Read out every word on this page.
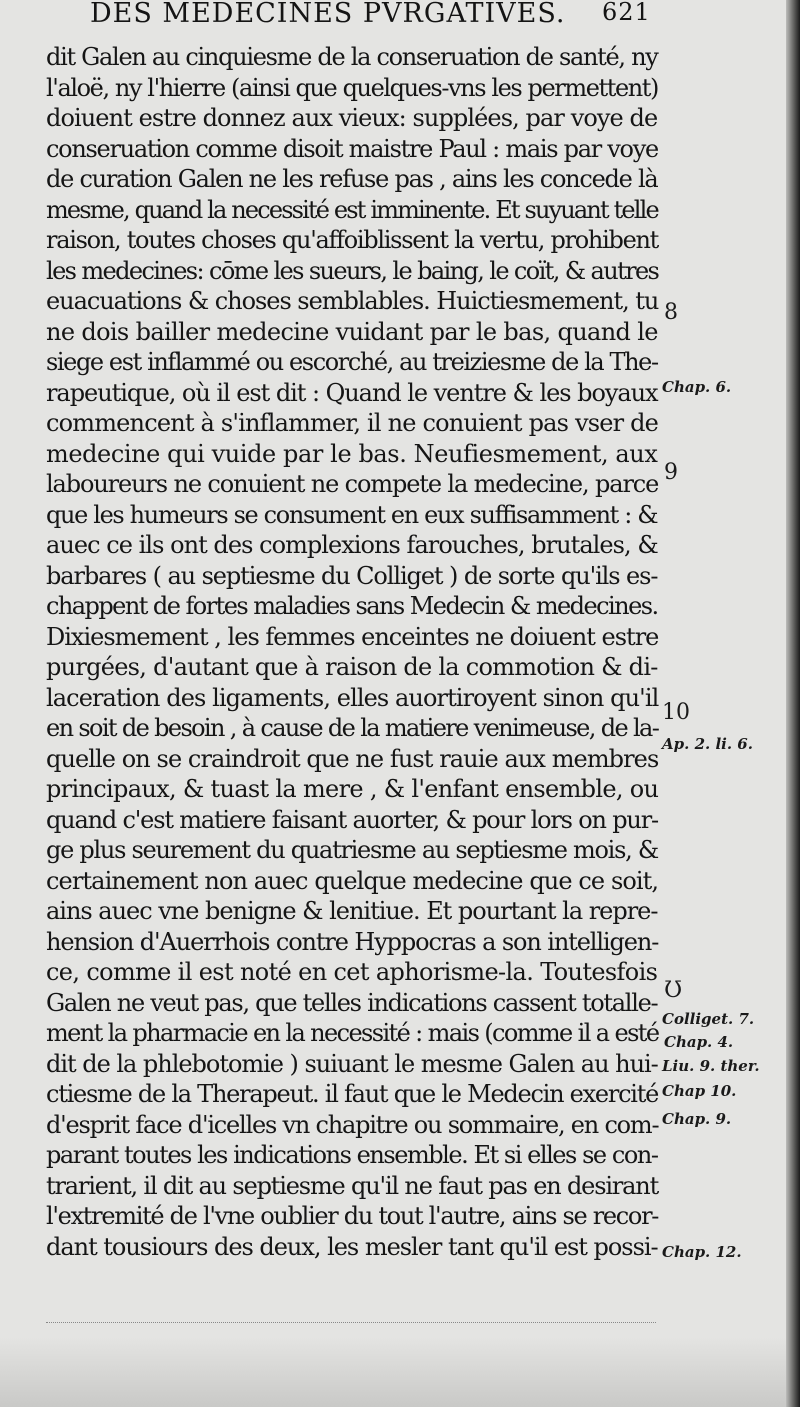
DES MEDECINES PVRGATIVES. 621
dit Galen au cinquiesme de la conseruation de santé, ny
l'aloë, ny l'hierre (ainsi que quelques-vns les permettent)
doiuent estre donnez aux vieux: supplées, par voye de
conseruation comme disoit maistre Paul : mais par voye
de curation Galen ne les refuse pas , ains les concede là
mesme, quand la necessité est imminente. Et suyuant telle
raison, toutes choses qu'affoiblissent la vertu, prohibent
les medecines: cōme les sueurs, le baing, le coït, & autres
euacuations & choses semblables. Huictiesmement, tu
ne dois bailler medecine vuidant par le bas, quand le
siege est inflammé ou escorché, au treiziesme de la The-
rapeutique, où il est dit : Quand le ventre & les boyaux
commencent à s'inflammer, il ne conuient pas vser de
medecine qui vuide par le bas. Neufiesmement, aux
laboureurs ne conuient ne compete la medecine, parce
que les humeurs se consument en eux suffisamment : &
auec ce ils ont des complexions farouches, brutales, &
barbares ( au septiesme du Colliget ) de sorte qu'ils es-
chappent de fortes maladies sans Medecin & medecines.
Dixiesmement , les femmes enceintes ne doiuent estre
purgées, d'autant que à raison de la commotion & di-
laceration des ligaments, elles auortiroyent sinon qu'il
en soit de besoin , à cause de la matiere venimeuse, de la-
quelle on se craindroit que ne fust rauie aux membres
principaux, & tuast la mere , & l'enfant ensemble, ou
quand c'est matiere faisant auorter, & pour lors on pur-
ge plus seurement du quatriesme au septiesme mois, &
certainement non auec quelque medecine que ce soit,
ains auec vne benigne & lenitiue. Et pourtant la repre-
hension d'Auerrhois contre Hyppocras a son intelligen-
ce, comme il est noté en cet aphorisme-la. Toutesfois
Galen ne veut pas, que telles indications cassent totalle-
ment la pharmacie en la necessité : mais (comme il a esté
dit de la phlebotomie ) suiuant le mesme Galen au hui-
ctiesme de la Therapeut. il faut que le Medecin exercité
d'esprit face d'icelles vn chapitre ou sommaire, en com-
parant toutes les indications ensemble. Et si elles se con-
trarient, il dit au septiesme qu'il ne faut pas en desirant
l'extremité de l'vne oublier du tout l'autre, ains se recor-
dant tousiours des deux, les mesler tant qu'il est possi-
8
Chap. 6.
9
10
Ap. 2. li. 6.
Ʊ
Colliget. 7.
Chap. 4.
Liu. 9. ther.
Chap 10.
Chap. 9.
Chap. 12.
